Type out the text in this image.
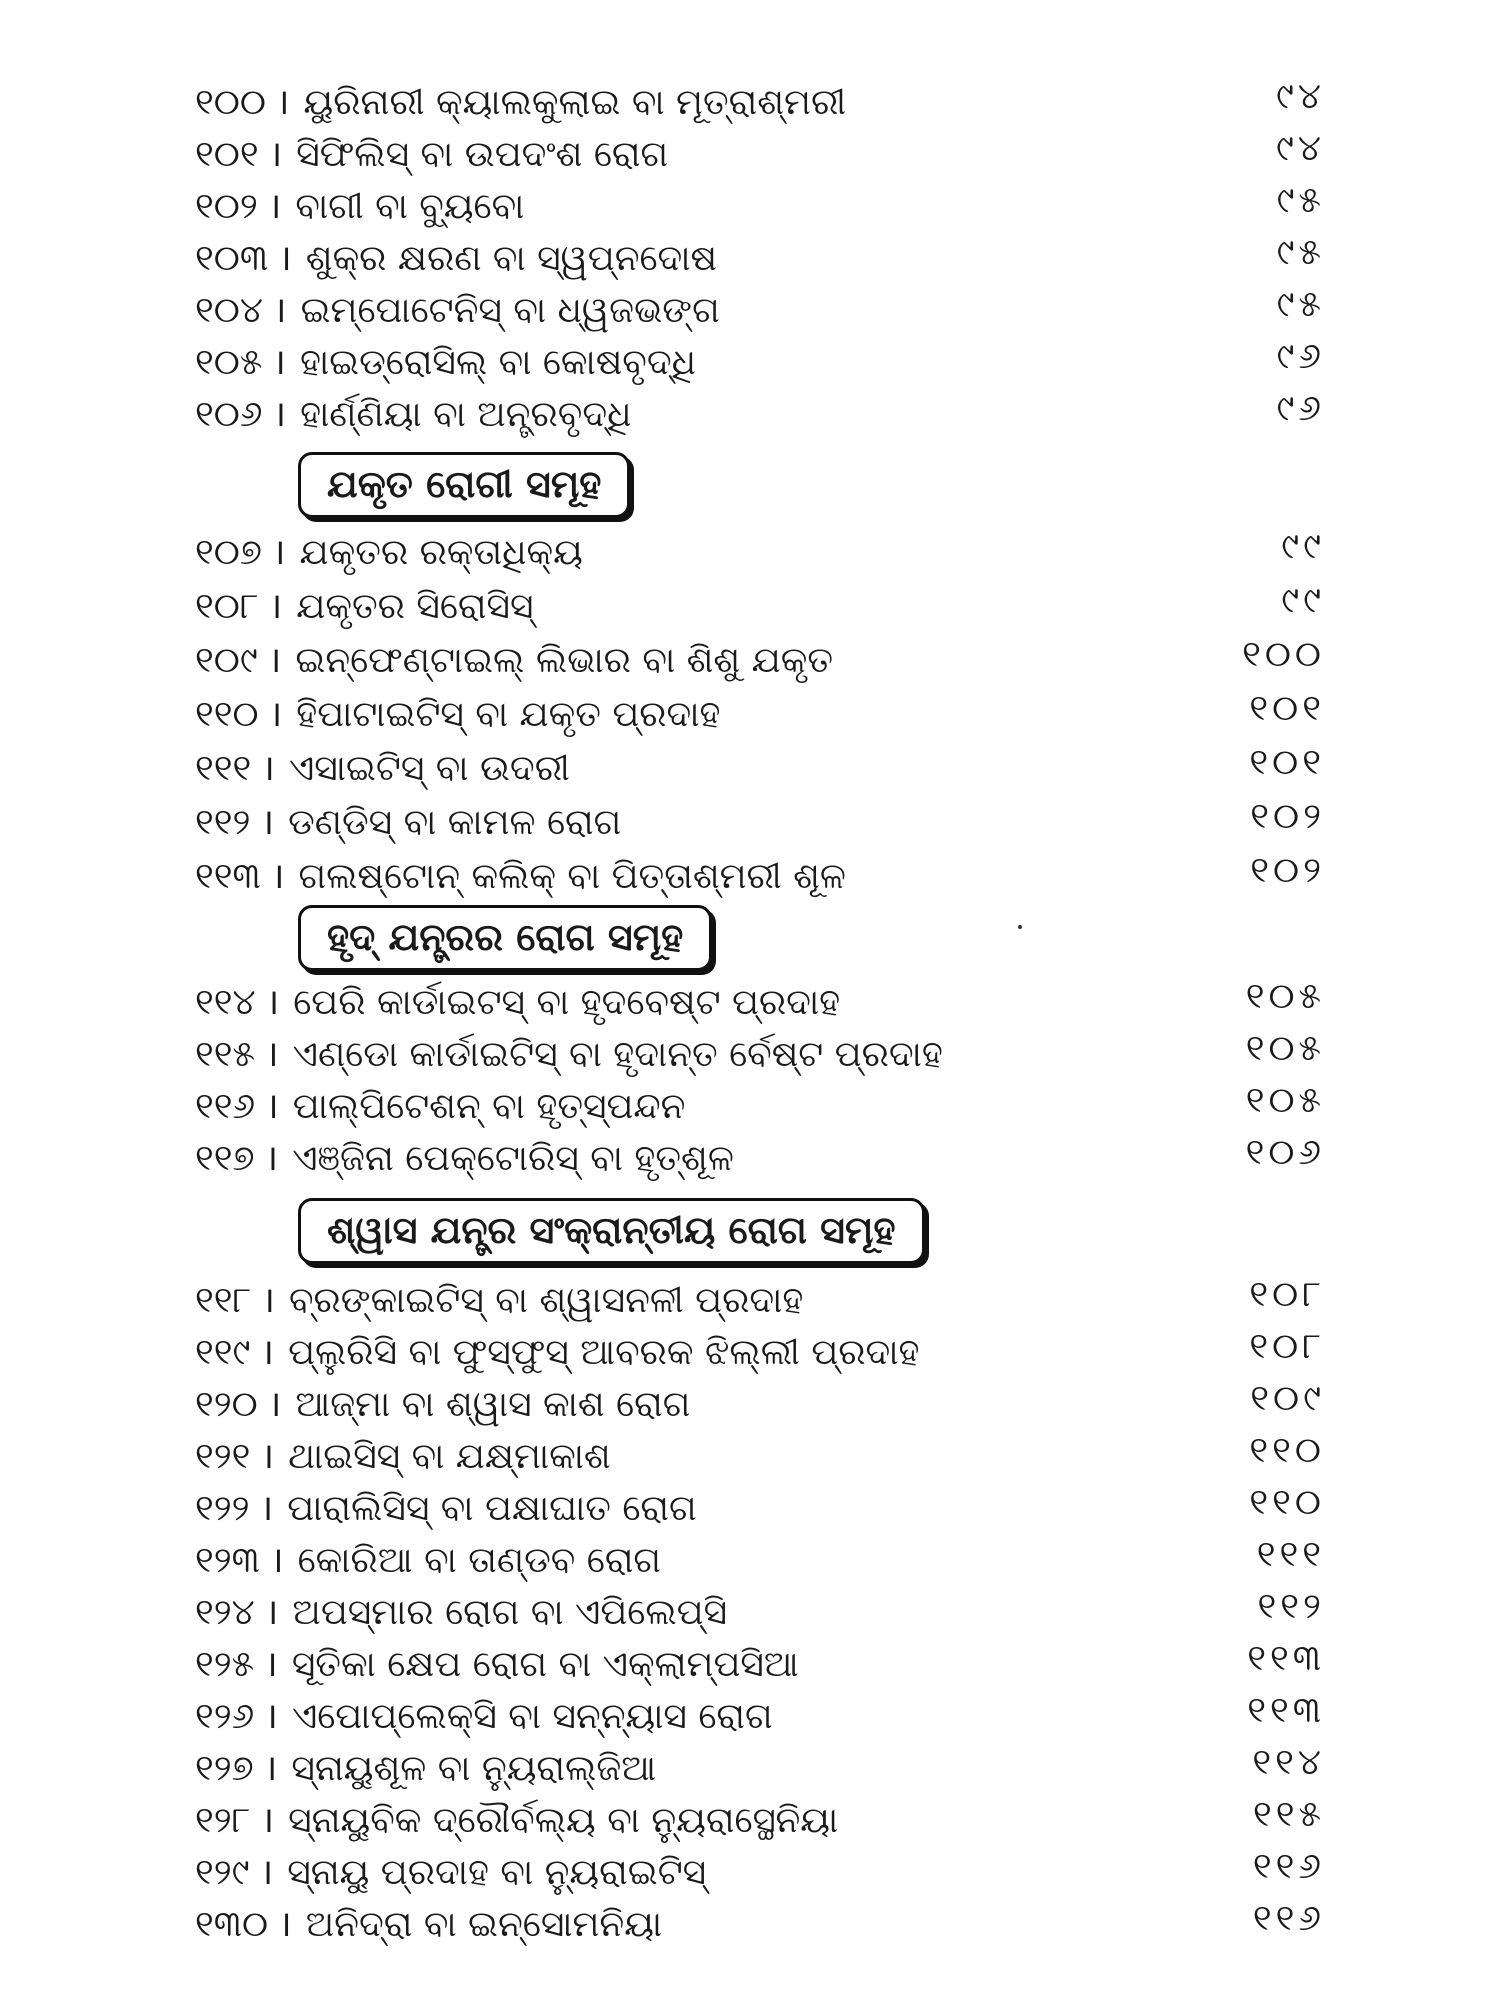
୧୦୦ । ୟୁରିନାରୀ କ୍ୟାଲକୁଲାଇ ବା ମୂତ୍ରାଶ୍ମରୀ	୯୪
୧୦୧ । ସିଫିଲିସ୍ ବା ଉପଦଂଶ ରୋଗ	୯୪
୧୦୨ । ବାଗୀ ବା ବ୍ୟୁବୋ	୯୫
୧୦୩ । ଶୁକ୍ର କ୍ଷରଣ ବା ସ୍ୱପ୍ନଦୋଷ	୯୫
୧୦୪ । ଇମ୍ପୋଟେନିସ୍ ବା ଧ୍ୱଜଭଙ୍ଗ	୯୫
୧୦୫ । ହାଇଡ୍ରୋସିଲ୍ ବା କୋଷବୃଦ୍ଧି	୯୬
୧୦୬ । ହାର୍ଣ୍ଣିୟା ବା ଅନ୍ତ୍ରବୃଦ୍ଧି	୯୬
ଯକୃତ ରୋଗୀ ସମୂହ
୧୦୭ । ଯକୃତର ରକ୍ତାଧିକ୍ୟ	୯୯
୧୦୮ । ଯକୃତର ସିରୋସିସ୍	୯୯
୧୦୯ । ଇନ୍‌ଫେଣ୍ଟାଇଲ୍ ଲିଭାର ବା ଶିଶୁ ଯକୃତ	୧୦୦
୧୧୦ । ହିପାଟାଇଟିସ୍ ବା ଯକୃତ ପ୍ରଦାହ	୧୦୧
୧୧୧ । ଏସାଇଟିସ୍ ବା ଉଦରୀ	୧୦୧
୧୧୨ । ଡଣ୍ଡିସ୍ ବା କାମଳ ରୋଗ	୧୦୨
୧୧୩ । ଗଲଷ୍ଟୋନ୍ କଲିକ୍ ବା ପିତ୍ତାଶ୍ମରୀ ଶୂଳ	୧୦୨
ହୃଦ୍ ଯନ୍ତ୍ରର ରୋଗ ସମୂହ
୧୧୪ । ପେରି କାର୍ଡାଇଟସ୍ ବା ହୃଦବେଷ୍ଟ ପ୍ରଦାହ	୧୦୫
୧୧୫ । ଏଣ୍ଡୋ କାର୍ଡାଇଟିସ୍ ବା ହୃଦାନ୍ତ ର୍ବେଷ୍ଟ ପ୍ରଦାହ	୧୦୫
୧୧୬ । ପାଲ୍‌ପିଟେଶନ୍ ବା ହୃତ୍‌ସ୍ପନ୍ଦନ	୧୦୫
୧୧୭ । ଏଞ୍ଜିନା ପେକ୍‌ଟୋରିସ୍ ବା ହୃତ୍‌ଶୂଳ	୧୦୬
ଶ୍ୱାସ ଯନ୍ତ୍ର ସଂକ୍ରାନ୍ତୀୟ ରୋଗ ସମୂହ
୧୧୮ । ବ୍ରଙ୍କାଇଟିସ୍ ବା ଶ୍ୱାସନଳୀ ପ୍ରଦାହ	୧୦୮
୧୧୯ । ପ୍ଲୁରିସି ବା ଫୁସ୍‌ଫୁସ୍ ଆବରକ ଝିଲ୍ଲୀ ପ୍ରଦାହ	୧୦୮
୧୨୦ । ଆଜ୍‌ମା ବା ଶ୍ୱାସ କାଶ ରୋଗ	୧୦୯
୧୨୧ । ଥାଇସିସ୍ ବା ଯକ୍ଷ୍ମାକାଶ	୧୧୦
୧୨୨ । ପାରାଲିସିସ୍ ବା ପକ୍ଷାଘାତ ରୋଗ	୧୧୦
୧୨୩ । କୋରିଆ ବା ତାଣ୍ଡବ ରୋଗ	୧୧୧
୧୨୪ । ଅପସ୍ମାର ରୋଗ ବା ଏପିଲେପ୍‌ସି	୧୧୨
୧୨୫ । ସୂତିକା କ୍ଷେପ ରୋଗ ବା ଏକ୍ଲାମ୍ପସିଆ	୧୧୩
୧୨୬ । ଏପୋପ୍ଲେକ୍‌ସି ବା ସନ୍ନ୍ୟାସ ରୋଗ	୧୧୩
୧୨୭ । ସ୍ନାୟୁଶୂଳ ବା ନ୍ୟୁରାଲ୍‌ଜିଆ	୧୧୪
୧୨୮ । ସ୍ନାୟୁବିକ ଦ୍ରୌର୍ବଲ୍ୟ ବା ନ୍ୟୁରାସ୍ଥେନିୟା	୧୧୫
୧୨୯ । ସ୍ନାୟୁ ପ୍ରଦାହ ବା ନ୍ୟୁରାଇଟିସ୍	୧୧୬
୧୩୦ । ଅନିଦ୍ରା ବା ଇନ୍‌ସୋମନିୟା	୧୧୬
